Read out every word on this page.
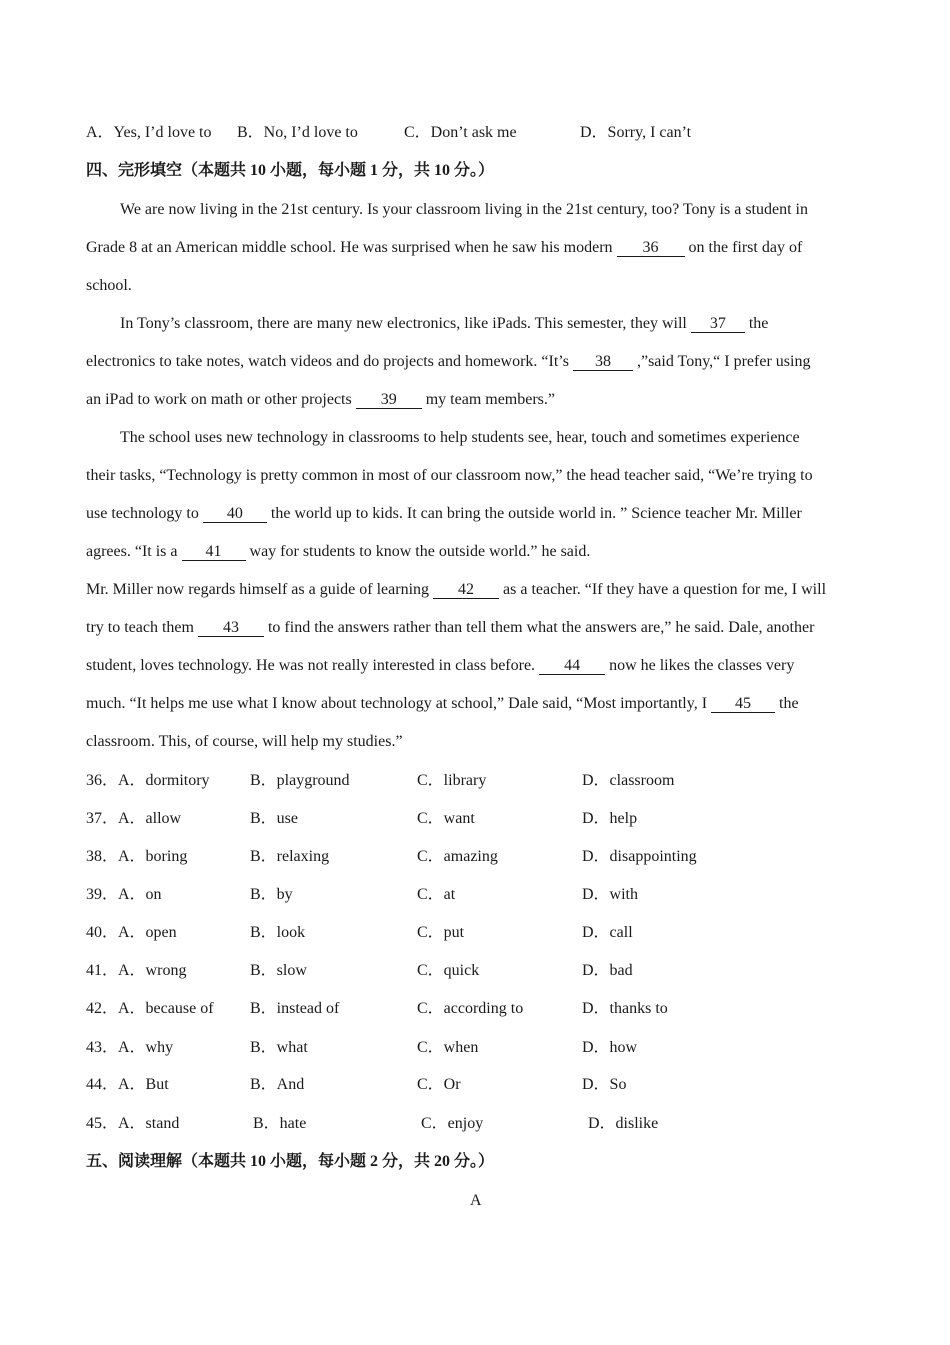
A．Yes, I’d love to B．No, I’d love to	C．Don’t ask me	D．Sorry, I can’t
四、完形填空（本题共 10 小题，每小题 1 分，共 10 分。）
We are now living in the 21st century. Is your classroom living in the 21st century, too? Tony is a student in
Grade 8 at an American middle school. He was surprised when he saw his modern 36 on the first day of
school.
In Tony’s classroom, there are many new electronics, like iPads. This semester, they will 37 the
electronics to take notes, watch videos and do projects and homework. “It’s 38 ,”said Tony,“ I prefer using
an iPad to work on math or other projects 39 my team members.”
The school uses new technology in classrooms to help students see, hear, touch and sometimes experience
their tasks, “Technology is pretty common in most of our classroom now,” the head teacher said, “We’re trying to
use technology to 40 the world up to kids. It can bring the outside world in. ” Science teacher Mr. Miller
agrees. “It is a 41 way for students to know the outside world.” he said.
Mr. Miller now regards himself as a guide of learning 42 as a teacher. “If they have a question for me, I will
try to teach them 43 to find the answers rather than tell them what the answers are,” he said. Dale, another
student, loves technology. He was not really interested in class before. 44 now he likes the classes very
much. “It helps me use what I know about technology at school,” Dale said, “Most importantly, I 45 the
classroom. This, of course, will help my studies.”
36．A．dormitory	B．playground	C．library	D．classroom
37．A．allow	B．use	C．want	D．help
38．A．boring	B．relaxing	C．amazing	D．disappointing
39．A．on	B．by	C．at	D．with
40．A．open	B．look	C．put	D．call
41．A．wrong	B．slow	C．quick	D．bad
42．A．because of B．instead of	C．according to	D．thanks to
43．A．why	B．what	C．when	D．how
44．A．But	B．And	C．Or	D．So
45．A．stand	B．hate	C．enjoy	D．dislike
五、阅读理解（本题共 10 小题，每小题 2 分，共 20 分。）
A
